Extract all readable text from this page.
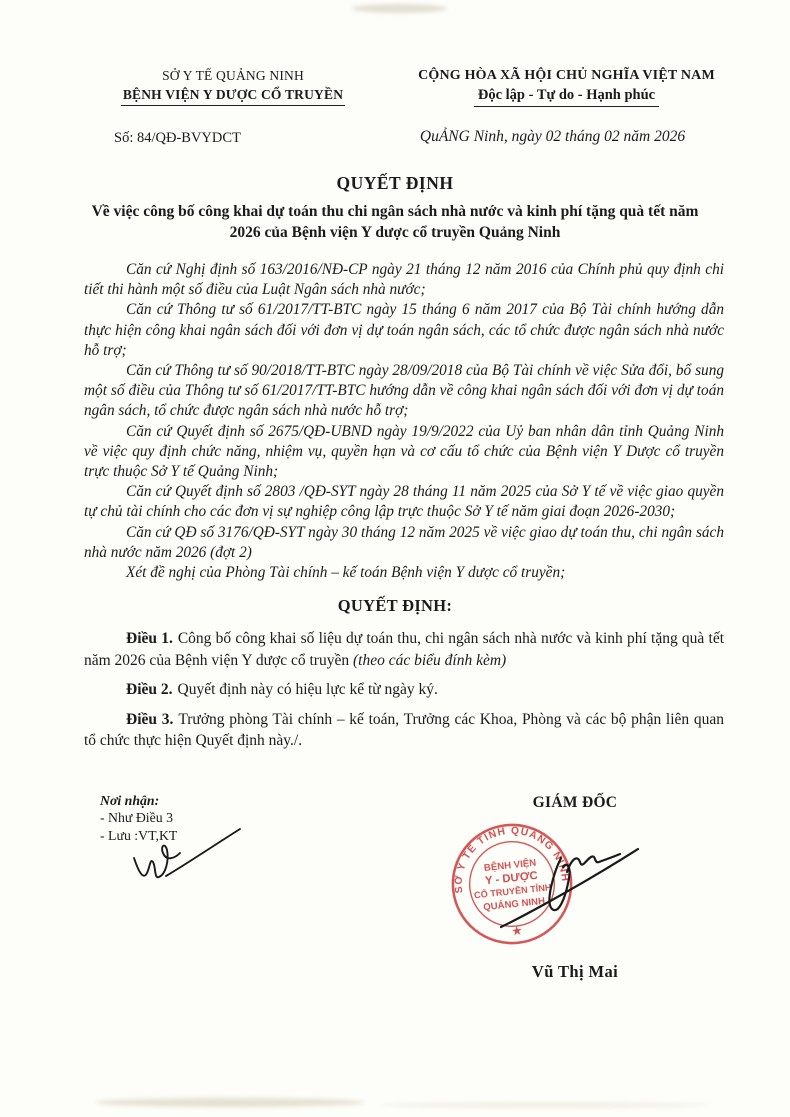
SỞ Y TẾ QUẢNG NINH
BỆNH VIỆN Y DƯỢC CỔ TRUYỀN
Số: 84/QĐ-BVYDCT
CỘNG HÒA XÃ HỘI CHỦ NGHĨA VIỆT NAM
Độc lập - Tự do - Hạnh phúc
QuẢNG Ninh, ngày 02 tháng 02 năm 2026
QUYẾT ĐỊNH
Về việc công bố công khai dự toán thu chi ngân sách nhà nước và kinh phí tặng quà tết năm 2026 của Bệnh viện Y dược cổ truyền Quảng Ninh

Căn cứ Nghị định số 163/2016/NĐ-CP ngày 21 tháng 12 năm 2016 của Chính phủ quy định chi tiết thi hành một số điều của Luật Ngân sách nhà nước;

Căn cứ Thông tư số 61/2017/TT-BTC ngày 15 tháng 6 năm 2017 của Bộ Tài chính hướng dẫn thực hiện công khai ngân sách đối với đơn vị dự toán ngân sách, các tổ chức được ngân sách nhà nước hỗ trợ;

Căn cứ Thông tư số 90/2018/TT-BTC ngày 28/09/2018 của Bộ Tài chính về việc Sửa đổi, bổ sung một số điều của Thông tư số 61/2017/TT-BTC hướng dẫn về công khai ngân sách đối với đơn vị dự toán ngân sách, tổ chức được ngân sách nhà nước hỗ trợ;

Căn cứ Quyết định số 2675/QĐ-UBND ngày 19/9/2022 của Uỷ ban nhân dân tỉnh Quảng Ninh về việc quy định chức năng, nhiệm vụ, quyền hạn và cơ cấu tổ chức của Bệnh viện Y Dược cổ truyền trực thuộc Sở Y tế Quảng Ninh;

Căn cứ Quyết định số 2803 /QĐ-SYT ngày 28 tháng 11 năm 2025 của Sở Y tế về việc giao quyền tự chủ tài chính cho các đơn vị sự nghiệp công lập trực thuộc Sở Y tế năm giai đoạn 2026-2030;

Căn cứ QĐ số 3176/QĐ-SYT ngày 30 tháng 12 năm 2025 về việc giao dự toán thu, chi ngân sách nhà nước năm 2026 (đợt 2)

Xét đề nghị của Phòng Tài chính – kế toán Bệnh viện Y dược cổ truyền;

QUYẾT ĐỊNH:

Điều 1. Công bố công khai số liệu dự toán thu, chi ngân sách nhà nước và kinh phí tặng quà tết năm 2026 của Bệnh viện Y dược cổ truyền (theo các biểu đính kèm)

Điều 2. Quyết định này có hiệu lực kể từ ngày ký.

Điều 3. Trưởng phòng Tài chính – kế toán, Trưởng các Khoa, Phòng và các bộ phận liên quan tổ chức thực hiện Quyết định này./.

Nơi nhận:
- Như Điều 3
- Lưu :VT,KT
GIÁM ĐỐC
SỞ Y TẾ TỈNH QUẢNG NINH
BỆNH VIỆN
Y - DƯỢC
CỔ TRUYỀN TỈNH
QUẢNG NINH
Vũ Thị Mai
